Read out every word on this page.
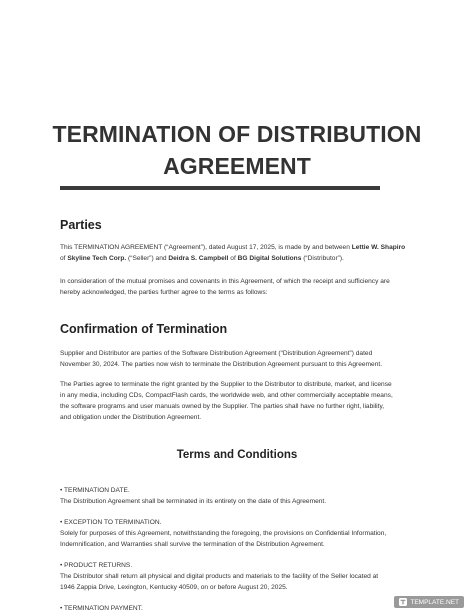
TERMINATION OF DISTRIBUTION
AGREEMENT
Parties
This TERMINATION AGREEMENT (“Agreement”), dated August 17, 2025, is made by and between Lettie W. Shapiro
of Skyline Tech Corp. (“Seller”) and Deidra S. Campbell of BG Digital Solutions (“Distributor”).
In consideration of the mutual promises and covenants in this Agreement, of which the receipt and sufficiency are
hereby acknowledged, the parties further agree to the terms as follows:
Confirmation of Termination
Supplier and Distributor are parties of the Software Distribution Agreement (“Distribution Agreement”) dated
November 30, 2024. The parties now wish to terminate the Distribution Agreement pursuant to this Agreement.
The Parties agree to terminate the right granted by the Supplier to the Distributor to distribute, market, and license
in any media, including CDs, CompactFlash cards, the worldwide web, and other commercially acceptable means,
the software programs and user manuals owned by the Supplier. The parties shall have no further right, liability,
and obligation under the Distribution Agreement.
Terms and Conditions
• TERMINATION DATE.
The Distribution Agreement shall be terminated in its entirety on the date of this Agreement.
• EXCEPTION TO TERMINATION.
Solely for purposes of this Agreement, notwithstanding the foregoing, the provisions on Confidential Information,
Indemnification, and Warranties shall survive the termination of the Distribution Agreement.
• PRODUCT RETURNS.
The Distributor shall return all physical and digital products and materials to the facility of the Seller located at
1946 Zappia Drive, Lexington, Kentucky 40509, on or before August 20, 2025.
• TERMINATION PAYMENT.
TEMPLATE.NET
